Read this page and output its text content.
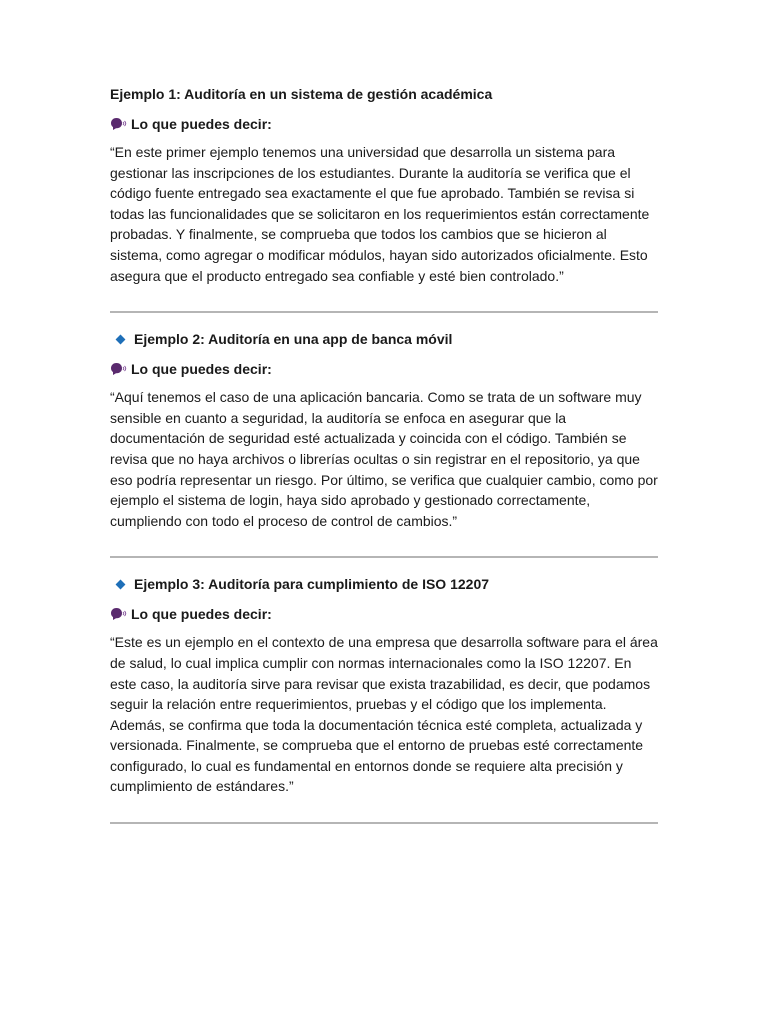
Ejemplo 1: Auditoría en un sistema de gestión académica
Lo que puedes decir:

“En este primer ejemplo tenemos una universidad que desarrolla un sistema para gestionar las inscripciones de los estudiantes. Durante la auditoría se verifica que el código fuente entregado sea exactamente el que fue aprobado. También se revisa si todas las funcionalidades que se solicitaron en los requerimientos están correctamente probadas. Y finalmente, se comprueba que todos los cambios que se hicieron al sistema, como agregar o modificar módulos, hayan sido autorizados oficialmente. Esto asegura que el producto entregado sea confiable y esté bien controlado.”

Ejemplo 2: Auditoría en una app de banca móvil
Lo que puedes decir:

“Aquí tenemos el caso de una aplicación bancaria. Como se trata de un software muy sensible en cuanto a seguridad, la auditoría se enfoca en asegurar que la documentación de seguridad esté actualizada y coincida con el código. También se revisa que no haya archivos o librerías ocultas o sin registrar en el repositorio, ya que eso podría representar un riesgo. Por último, se verifica que cualquier cambio, como por ejemplo el sistema de login, haya sido aprobado y gestionado correctamente, cumpliendo con todo el proceso de control de cambios.”

Ejemplo 3: Auditoría para cumplimiento de ISO 12207
Lo que puedes decir:

“Este es un ejemplo en el contexto de una empresa que desarrolla software para el área de salud, lo cual implica cumplir con normas internacionales como la ISO 12207. En este caso, la auditoría sirve para revisar que exista trazabilidad, es decir, que podamos seguir la relación entre requerimientos, pruebas y el código que los implementa. Además, se confirma que toda la documentación técnica esté completa, actualizada y versionada. Finalmente, se comprueba que el entorno de pruebas esté correctamente configurado, lo cual es fundamental en entornos donde se requiere alta precisión y cumplimiento de estándares.”
